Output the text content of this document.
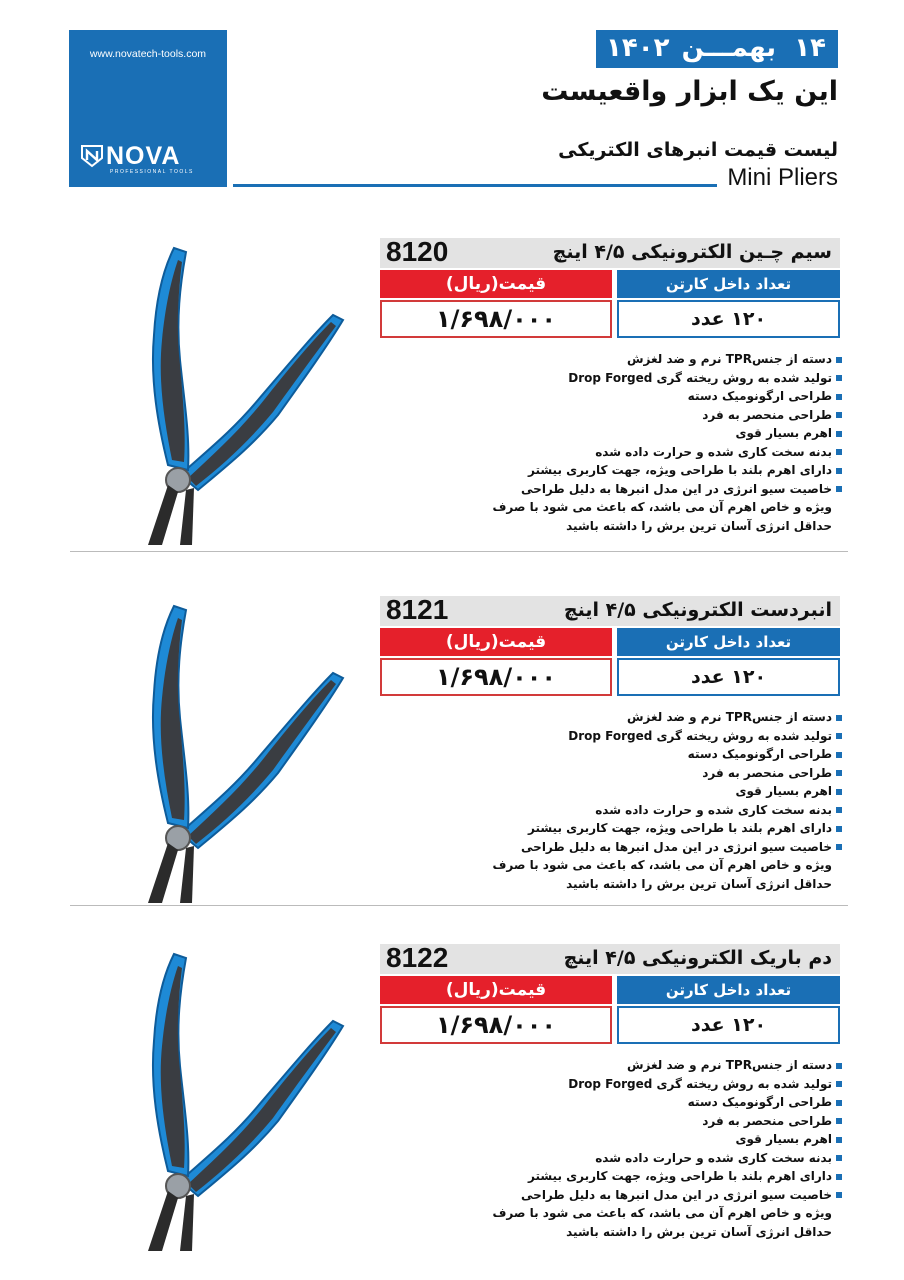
www.novatech-tools.com
NOVA
PROFESSIONAL TOOLS
۱۴
بهمـــن
۱۴۰۲
این یک ابزار واقعیست
لیست قیمت انبرهای الکتریکی
Mini Pliers
سیم چـین الکترونیکی ۴/۵ اینچ
8120
قیمت(ریال)	تعداد داخل کارتن
۱/۶۹۸/۰۰۰	۱۲۰ عدد
دسته از جنسTPR نرم و ضد لغزش
تولید شده به روش ریخته گری Drop Forged
طراحی ارگونومیک دسته
طراحی منحصر به فرد
اهرم بسیار قوی
بدنه سخت کاری شده و حرارت داده شده
دارای اهرم بلند با طراحی ویژه، جهت کاربری بیشتر
خاصیت سیو انرژی در این مدل انبرها به دلیل طراحی
ویژه و خاص اهرم آن می باشد، که باعث می شود با صرف
حداقل انرژی آسان ترین برش را داشته باشید
انبردست الکترونیکی ۴/۵ اینچ
8121
قیمت(ریال)	تعداد داخل کارتن
۱/۶۹۸/۰۰۰	۱۲۰ عدد
دسته از جنسTPR نرم و ضد لغزش
تولید شده به روش ریخته گری Drop Forged
طراحی ارگونومیک دسته
طراحی منحصر به فرد
اهرم بسیار قوی
بدنه سخت کاری شده و حرارت داده شده
دارای اهرم بلند با طراحی ویژه، جهت کاربری بیشتر
خاصیت سیو انرژی در این مدل انبرها به دلیل طراحی
ویژه و خاص اهرم آن می باشد، که باعث می شود با صرف
حداقل انرژی آسان ترین برش را داشته باشید
دم باریک الکترونیکی ۴/۵ اینچ
8122
قیمت(ریال)	تعداد داخل کارتن
۱/۶۹۸/۰۰۰	۱۲۰ عدد
دسته از جنسTPR نرم و ضد لغزش
تولید شده به روش ریخته گری Drop Forged
طراحی ارگونومیک دسته
طراحی منحصر به فرد
اهرم بسیار قوی
بدنه سخت کاری شده و حرارت داده شده
دارای اهرم بلند با طراحی ویژه، جهت کاربری بیشتر
خاصیت سیو انرژی در این مدل انبرها به دلیل طراحی
ویژه و خاص اهرم آن می باشد، که باعث می شود با صرف
حداقل انرژی آسان ترین برش را داشته باشید
